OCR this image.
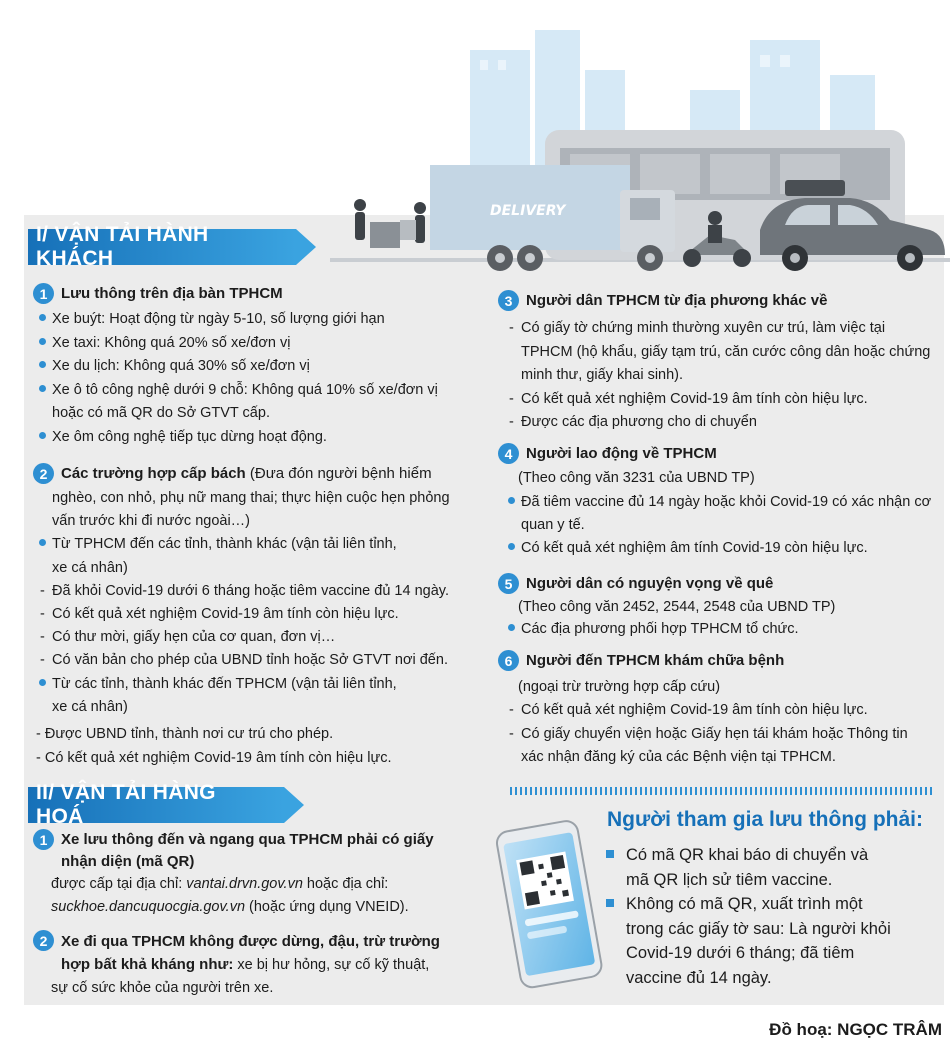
DELIVERY
I/ VẬN TẢI HÀNH KHÁCH
1 Lưu thông trên địa bàn TPHCM
Xe buýt: Hoạt động từ ngày 5-10, số lượng giới hạn
Xe taxi: Không quá 20% số xe/đơn vị
Xe du lịch: Không quá 30% số xe/đơn vị
Xe ô tô công nghệ dưới 9 chỗ: Không quá 10% số xe/đơn vị
hoặc có mã QR do Sở GTVT cấp.
Xe ôm công nghệ tiếp tục dừng hoạt động.
2 Các trường hợp cấp bách (Đưa đón người bệnh hiểm
nghèo, con nhỏ, phụ nữ mang thai; thực hiện cuộc hẹn phỏng
vấn trước khi đi nước ngoài…)
Từ TPHCM đến các tỉnh, thành khác (vận tải liên tỉnh,
xe cá nhân)
-
Đã khỏi Covid-19 dưới 6 tháng hoặc tiêm vaccine đủ 14 ngày.
-
Có kết quả xét nghiệm Covid-19 âm tính còn hiệu lực.
-
Có thư mời, giấy hẹn của cơ quan, đơn vị…
-
Có văn bản cho phép của UBND tỉnh hoặc Sở GTVT nơi đến.
Từ các tỉnh, thành khác đến TPHCM (vận tải liên tỉnh,
xe cá nhân)
- Được UBND tỉnh, thành nơi cư trú cho phép.
- Có kết quả xét nghiệm Covid-19 âm tính còn hiệu lực.
3 Người dân TPHCM từ địa phương khác về
-
Có giấy tờ chứng minh thường xuyên cư trú, làm việc tại
TPHCM (hộ khẩu, giấy tạm trú, căn cước công dân hoặc chứng
minh thư, giấy khai sinh).
-
Có kết quả xét nghiệm Covid-19 âm tính còn hiệu lực.
-
Được các địa phương cho di chuyển
4 Người lao động về TPHCM
(Theo công văn 3231 của UBND TP)
Đã tiêm vaccine đủ 14 ngày hoặc khỏi Covid-19 có xác nhận cơ
quan y tế.
Có kết quả xét nghiệm âm tính Covid-19 còn hiệu lực.
5 Người dân có nguyện vọng về quê
(Theo công văn 2452, 2544, 2548 của UBND TP)
Các địa phương phối hợp TPHCM tổ chức.
6 Người đến TPHCM khám chữa bệnh
(ngoại trừ trường hợp cấp cứu)
-
Có kết quả xét nghiệm Covid-19 âm tính còn hiệu lực.
-
Có giấy chuyển viện hoặc Giấy hẹn tái khám hoặc Thông tin
xác nhận đăng ký của các Bệnh viện tại TPHCM.
II/ VẬN TẢI HÀNG HOÁ
1 Xe lưu thông đến và ngang qua TPHCM phải có giấy
nhận diện (mã QR)
được cấp tại địa chỉ: vantai.drvn.gov.vn hoặc địa chỉ:
suckhoe.dancuquocgia.gov.vn (hoặc ứng dụng VNEID).
2 Xe đi qua TPHCM không được dừng, đậu, trừ trường
hợp bất khả kháng như: xe bị hư hỏng, sự cố kỹ thuật,
sự cố sức khỏe của người trên xe.
Người tham gia lưu thông phải:
Có mã QR khai báo di chuyển và
mã QR lịch sử tiêm vaccine.
Không có mã QR, xuất trình một
trong các giấy tờ sau: Là người khỏi
Covid-19 dưới 6 tháng; đã tiêm
vaccine đủ 14 ngày.
Đồ hoạ: NGỌC TRÂM
